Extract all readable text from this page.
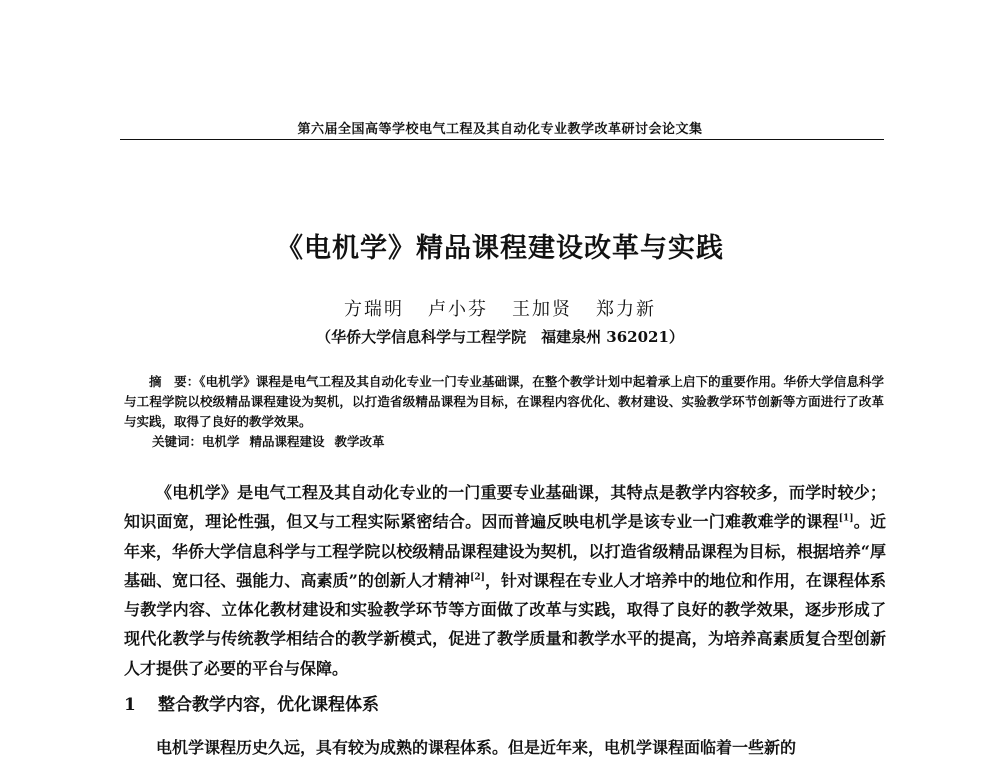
第六届全国高等学校电气工程及其自动化专业教学改革研讨会论文集
《电机学》精品课程建设改革与实践
方瑞明 卢小芬 王加贤 郑力新
（华侨大学信息科学与工程学院　福建泉州 362021）

摘　要：《电机学》课程是电气工程及其自动化专业一门专业基础课，在整个教学计划中起着承上启下的重要作用。华侨大学信息科学与工程学院以校级精品课程建设为契机，以打造省级精品课程为目标，在课程内容优化、教材建设、实验教学环节创新等方面进行了改革与实践，取得了良好的教学效果。

关键词：电机学 精品课程建设 教学改革

《电机学》是电气工程及其自动化专业的一门重要专业基础课，其特点是教学内容较多，而学时较少；知识面宽，理论性强，但又与工程实际紧密结合。因而普遍反映电机学是该专业一门难教难学的课程[1]。近年来，华侨大学信息科学与工程学院以校级精品课程建设为契机，以打造省级精品课程为目标，根据培养“厚基础、宽口径、强能力、高素质”的创新人才精神[2]，针对课程在专业人才培养中的地位和作用，在课程体系与教学内容、立体化教材建设和实验教学环节等方面做了改革与实践，取得了良好的教学效果，逐步形成了现代化教学与传统教学相结合的教学新模式，促进了教学质量和教学水平的提高，为培养高素质复合型创新人才提供了必要的平台与保障。
1 整合教学内容，优化课程体系
电机学课程历史久远，具有较为成熟的课程体系。但是近年来，电机学课程面临着一些新的
